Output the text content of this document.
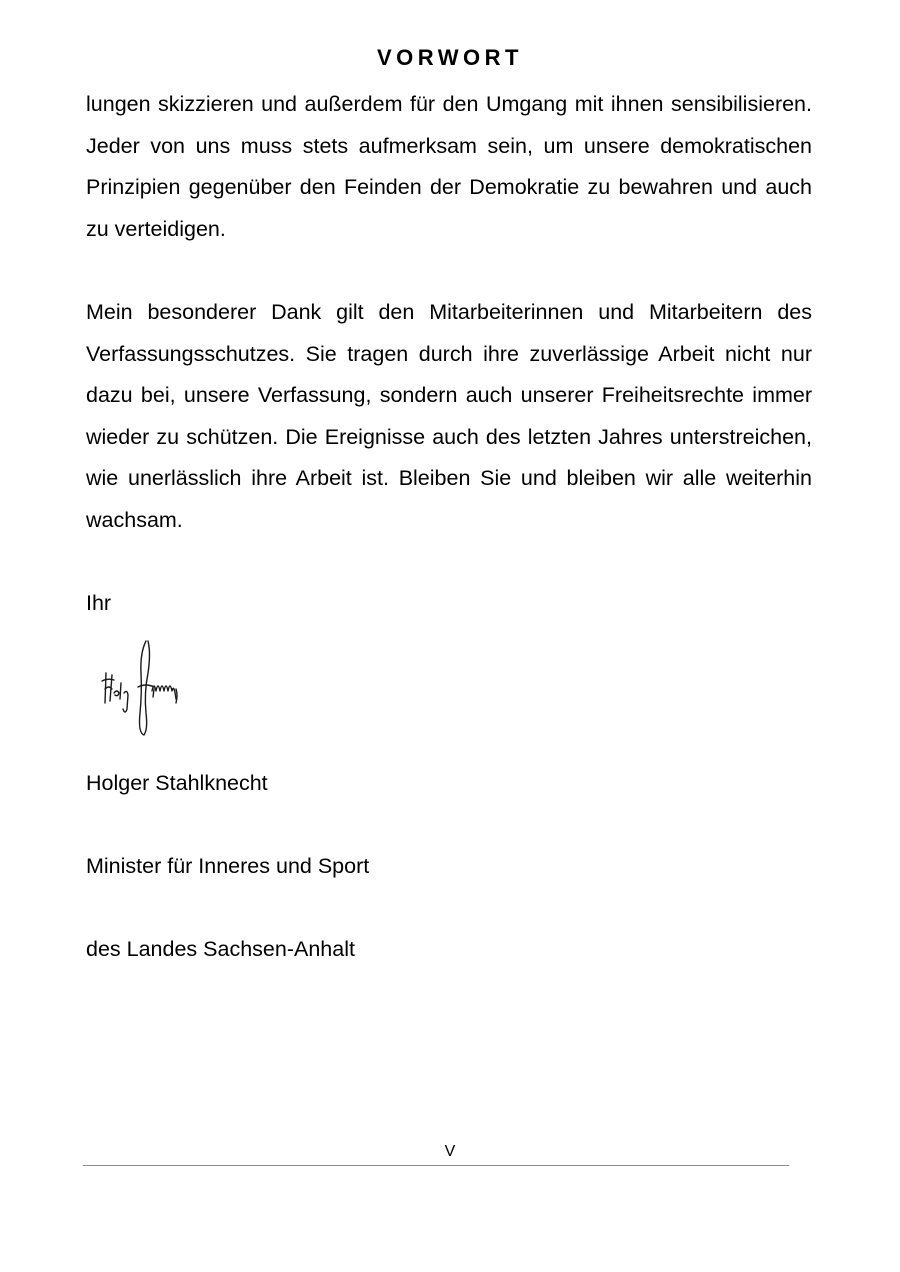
VORWORT

lungen skizzieren und außerdem für den Umgang mit ihnen sensibilisieren. Jeder von uns muss stets aufmerksam sein, um unsere demokratischen Prinzipien gegenüber den Feinden der Demokratie zu bewahren und auch zu verteidigen.

Mein besonderer Dank gilt den Mitarbeiterinnen und Mitarbeitern des Verfassungsschutzes. Sie tragen durch ihre zuverlässige Arbeit nicht nur dazu bei, unsere Verfassung, sondern auch unserer Freiheitsrechte immer wieder zu schützen. Die Ereignisse auch des letzten Jahres unterstreichen, wie unerlässlich ihre Arbeit ist. Bleiben Sie und bleiben wir alle weiterhin wachsam.

Ihr

Holger Stahlknecht

Minister für Inneres und Sport

des Landes Sachsen-Anhalt

V
